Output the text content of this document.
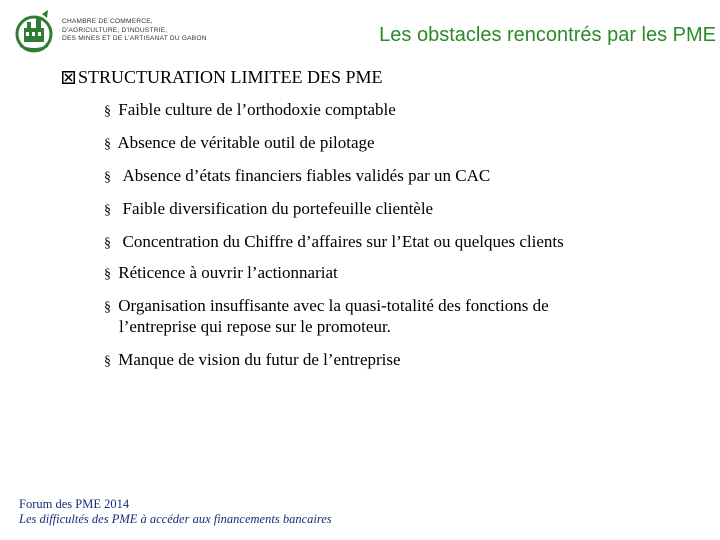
CHAMBRE DE COMMERCE,
D'AGRICULTURE, D'INDUSTRIE,
DES MINES ET DE L'ARTISANAT DU GABON	Les obstacles rencontrés par les PME
STRUCTURATION LIMITEE DES PME
§ Faible culture de l’orthodoxie comptable
§ Absence de véritable outil de pilotage
§ Absence d’états financiers fiables validés par un CAC
§ Faible diversification du portefeuille clientèle
§ Concentration du Chiffre d’affaires sur l’Etat ou quelques clients
§ Réticence à ouvrir l’actionnariat
§ Organisation insuffisante avec la quasi-totalité des fonctions de
l’entreprise qui repose sur le promoteur.
§ Manque de vision du futur de l’entreprise
Forum des PME 2014
Les difficultés des PME à accéder aux financements bancaires
